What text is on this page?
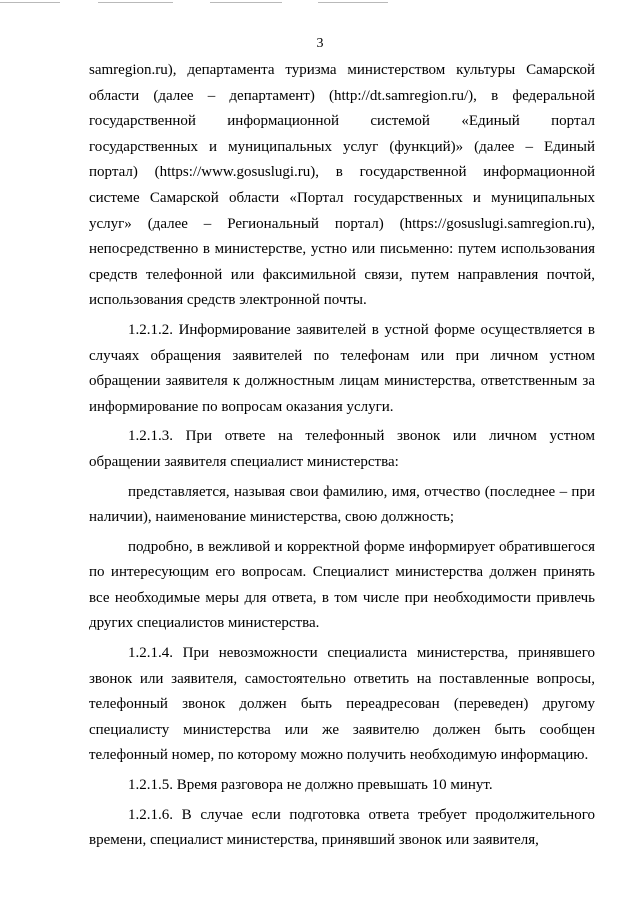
3

samregion.ru), департамента туризма министерством культуры Самарской области (далее – департамент) (http://dt.samregion.ru/), в федеральной государственной информационной системой «Единый портал государственных и муниципальных услуг (функций)» (далее – Единый портал) (https://www.gosuslugi.ru), в государственной информационной системе Самарской области «Портал государственных и муниципальных услуг» (далее – Региональный портал) (https://gosuslugi.samregion.ru), непосредственно в министерстве, устно или письменно: путем использования средств телефонной или факсимильной связи, путем направления почтой, использования средств электронной почты.

1.2.1.2. Информирование заявителей в устной форме осуществляется в случаях обращения заявителей по телефонам или при личном устном обращении заявителя к должностным лицам министерства, ответственным за информирование по вопросам оказания услуги.

1.2.1.3. При ответе на телефонный звонок или личном устном обращении заявителя специалист министерства:

представляется, называя свои фамилию, имя, отчество (последнее – при наличии), наименование министерства, свою должность;

подробно, в вежливой и корректной форме информирует обратившегося по интересующим его вопросам. Специалист министерства должен принять все необходимые меры для ответа, в том числе при необходимости привлечь других специалистов министерства.

1.2.1.4. При невозможности специалиста министерства, принявшего звонок или заявителя, самостоятельно ответить на поставленные вопросы, телефонный звонок должен быть переадресован (переведен) другому специалисту министерства или же заявителю должен быть сообщен телефонный номер, по которому можно получить необходимую информацию.

1.2.1.5. Время разговора не должно превышать 10 минут.

1.2.1.6. В случае если подготовка ответа требует продолжительного времени, специалист министерства, принявший звонок или заявителя,
